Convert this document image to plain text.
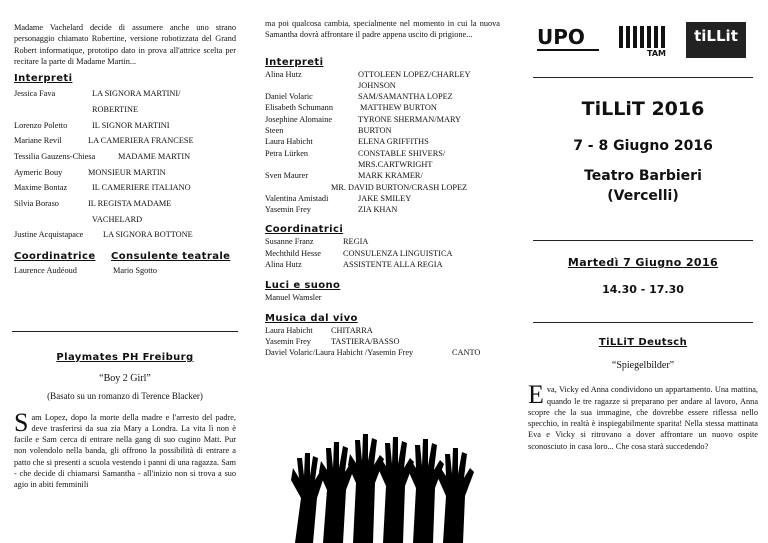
Madame Vachelard decide di assumere anche uno strano personaggio chiamato Robertine, versione robotizzata del Grand Robert informatique, prototipo dato in prova all'attrice scelta per recitare la parte di Madame Martin...

Interpreti

Jessica Fava	LA SIGNORA MARTINI/
ROBERTINE
Lorenzo Poletto	IL SIGNOR MARTINI
Mariane Revil	LA CAMERIERA FRANCESE
Tessilia Gauzens-Chiesa	MADAME MARTIN
Aymeric Bouy	MONSIEUR MARTIN
Maxime Bontaz	IL CAMERIERE ITALIANO
Silvia Boraso	IL REGISTA MADAME
VACHELARD
Justine Acquistapace LA SIGNORA BOTTONE

Coordinatrice Consulente teatrale

Laurence Audéoud	Mario Sgotto

Playmates PH Freiburg

“Boy 2 Girl”

(Basato su un romanzo di Terence Blacker)

Sam Lopez, dopo la morte della madre e l'arresto del padre, deve trasferirsi da sua zia Mary a Londra. La vita lì non è facile e Sam cerca di entrare nella gang di suo cugino Matt. Pur non volendolo nella banda, gli offrono la possibilità di entrare a patto che si presenti a scuola vestendo i panni di una ragazza. Sam - che decide di chiamarsi Samantha - all'inizio non si trova a suo agio in abiti femminili

ma poi qualcosa cambia, specialmente nel momento in cui la nuova Samantha dovrà affrontare il padre appena uscito di prigione...

Interpreti

Alina Hutz	OTTOLEEN LOPEZ/CHARLEY
JOHNSON
Daniel Volaric	SAM/SAMANTHA LOPEZ
Elisabeth Schumann	MATTHEW BURTON
Josephine Alomaine	TYRONE SHERMAN/MARY
Steen	BURTON
Laura Habicht	ELENA GRIFFITHS
Petra Lürken	CONSTABLE SHIVERS/
MRS.CARTWRIGHT
Sven Maurer	MARK KRAMER/
MR. DAVID BURTON/CRASH LOPEZ
Valentina Amistadi	JAKE SMILEY
Yasemin Frey	ZIA KHAN

Coordinatrici

Susanne Franz	REGIA
Mechthild Hesse	CONSULENZA LINGUISTICA
Alina Hutz	ASSISTENTE ALLA REGIA

Luci e suono

Manuel Wamsler

Musica dal vivo

Laura Habicht CHITARRA
Yasemin Frey TASTIERA/BASSO
Daviel Volaric/Laura Habicht /Yasemin Frey	CANTO
UPO
TAM
tiLLit

TiLLiT 2016

7 - 8 Giugno 2016

Teatro Barbieri

(Vercelli)

Martedì 7 Giugno 2016

14.30 - 17.30

TiLLiT Deutsch

“Spiegelbilder”

Eva, Vicky ed Anna condividono un appartamento. Una mattina, quando le tre ragazze si preparano per andare al lavoro, Anna scopre che la sua immagine, che dovrebbe essere riflessa nello specchio, in realtà è inspiegabilmente sparita! Nella stessa mattinata Eva e Vicky si ritrovano a dover affrontare un nuovo ospite sconosciuto in casa loro... Che cosa starà succedendo?
